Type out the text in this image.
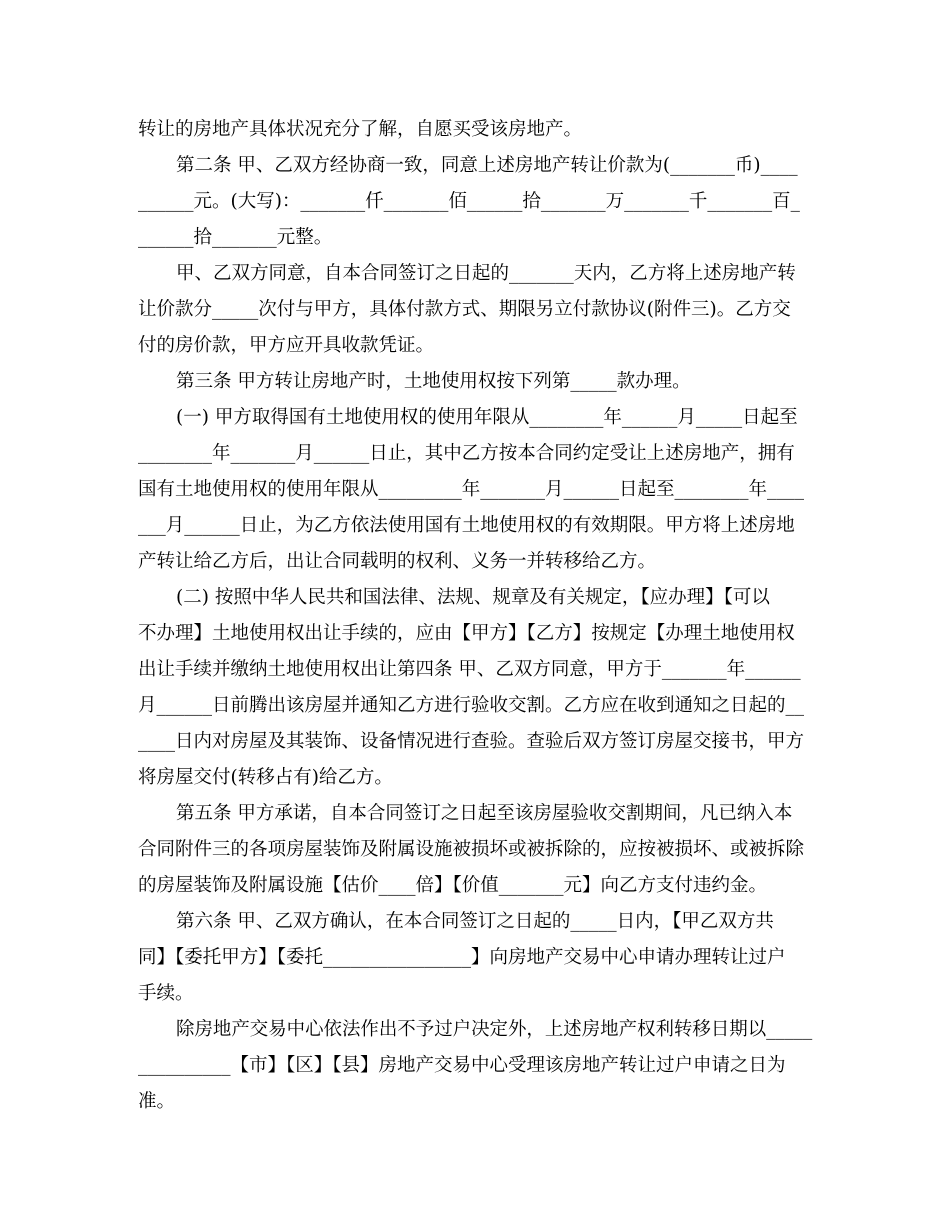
转让的房地产具体状况充分了解，自愿买受该房地产。
第二条 甲、乙双方经协商一致，同意上述房地产转让价款为(_______币)____
______元。(大写)：_______仟_______佰______拾_______万_______千_______百_
______拾_______元整。
甲、乙双方同意，自本合同签订之日起的_______天内，乙方将上述房地产转
让价款分_____次付与甲方，具体付款方式、期限另立付款协议(附件三)。乙方交
付的房价款，甲方应开具收款凭证。
第三条 甲方转让房地产时，土地使用权按下列第_____款办理。
(一) 甲方取得国有土地使用权的使用年限从________年______月_____日起至
________年_______月______日止，其中乙方按本合同约定受让上述房地产，拥有
国有土地使用权的使用年限从_________年_______月______日起至________年____
___月______日止，为乙方依法使用国有土地使用权的有效期限。甲方将上述房地
产转让给乙方后，出让合同载明的权利、义务一并转移给乙方。
(二) 按照中华人民共和国法律、法规、规章及有关规定，【应办理】【可以
不办理】土地使用权出让手续的，应由【甲方】【乙方】按规定【办理土地使用权
出让手续并缴纳土地使用权出让第四条 甲、乙双方同意，甲方于_______年______
月______日前腾出该房屋并通知乙方进行验收交割。乙方应在收到通知之日起的__
____日内对房屋及其装饰、设备情况进行查验。查验后双方签订房屋交接书，甲方
将房屋交付(转移占有)给乙方。
第五条 甲方承诺，自本合同签订之日起至该房屋验收交割期间，凡已纳入本
合同附件三的各项房屋装饰及附属设施被损坏或被拆除的，应按被损坏、或被拆除
的房屋装饰及附属设施【估价____倍】【价值_______元】向乙方支付违约金。
第六条 甲、乙双方确认，在本合同签订之日起的_____日内，【甲乙双方共
同】【委托甲方】【委托________________】向房地产交易中心申请办理转让过户
手续。
除房地产交易中心依法作出不予过户决定外，上述房地产权利转移日期以_____
__________【市】【区】【县】房地产交易中心受理该房地产转让过户申请之日为
准。
